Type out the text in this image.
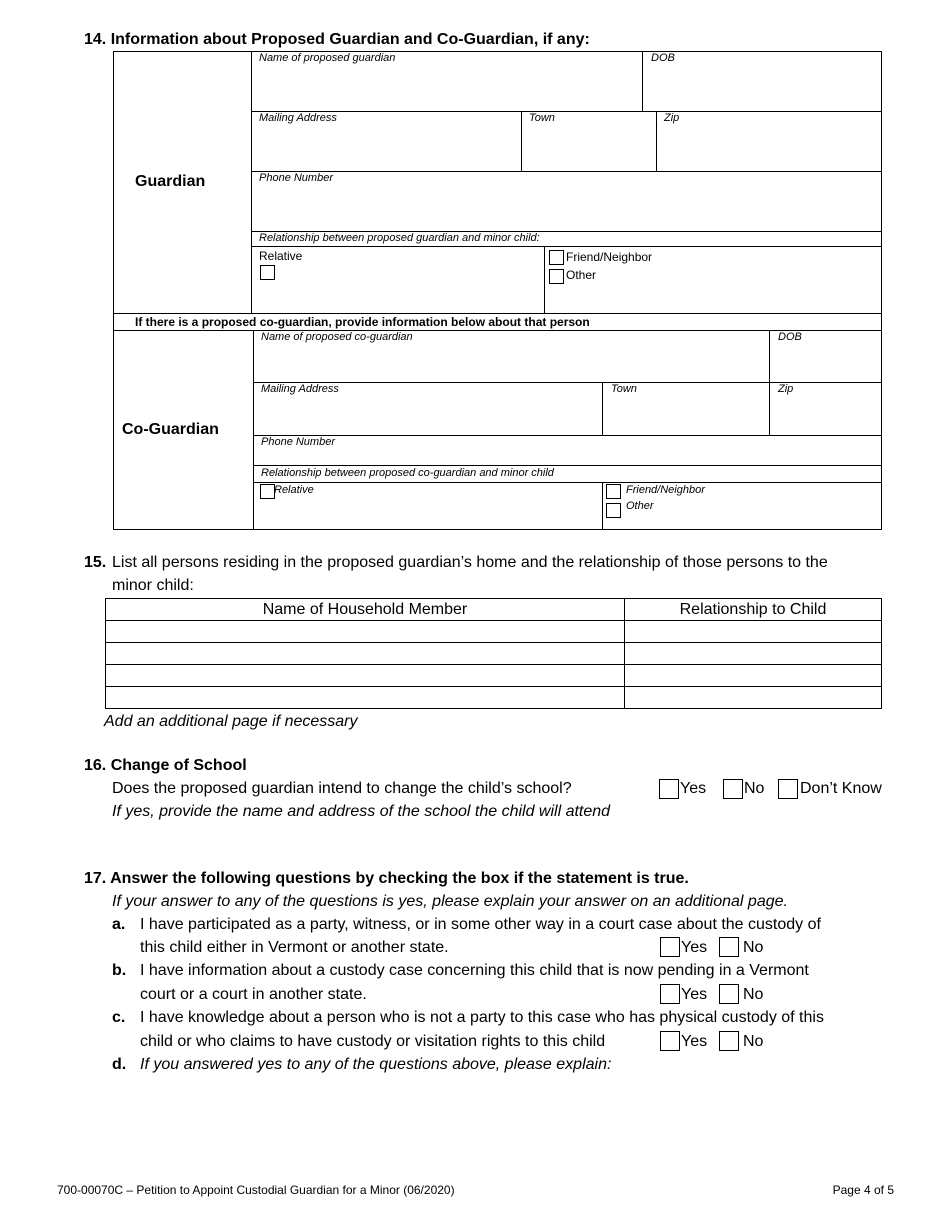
14. Information about Proposed Guardian and Co-Guardian, if any:
Guardian
Name of proposed guardian	DOB
Mailing Address	Town	Zip
Phone Number
Relationship between proposed guardian and minor child:
Relative	Friend/Neighbor
Other
If there is a proposed co-guardian, provide information below about that person
Co-Guardian
Name of proposed co-guardian	DOB
Mailing Address	Town	Zip
Phone Number
Relationship between proposed co-guardian and minor child
Relative	Friend/Neighbor
Other
15. List all persons residing in the proposed guardian’s home and the relationship of those persons to the
minor child:
Name of Household Member	Relationship to Child

Add an additional page if necessary
16. Change of School
Does the proposed guardian intend to change the child’s school?	Yes No Don’t Know
If yes, provide the name and address of the school the child will attend
17. Answer the following questions by checking the box if the statement is true.
If your answer to any of the questions is yes, please explain your answer on an additional page.
a. I have participated as a party, witness, or in some other way in a court case about the custody of
this child either in Vermont or another state.	Yes No
b. I have information about a custody case concerning this child that is now pending in a Vermont
court or a court in another state.	Yes No
c. I have knowledge about a person who is not a party to this case who has physical custody of this
child or who claims to have custody or visitation rights to this child	Yes No
d. If you answered yes to any of the questions above, please explain:
700-00070C – Petition to Appoint Custodial Guardian for a Minor (06/2020)	Page 4 of 5
